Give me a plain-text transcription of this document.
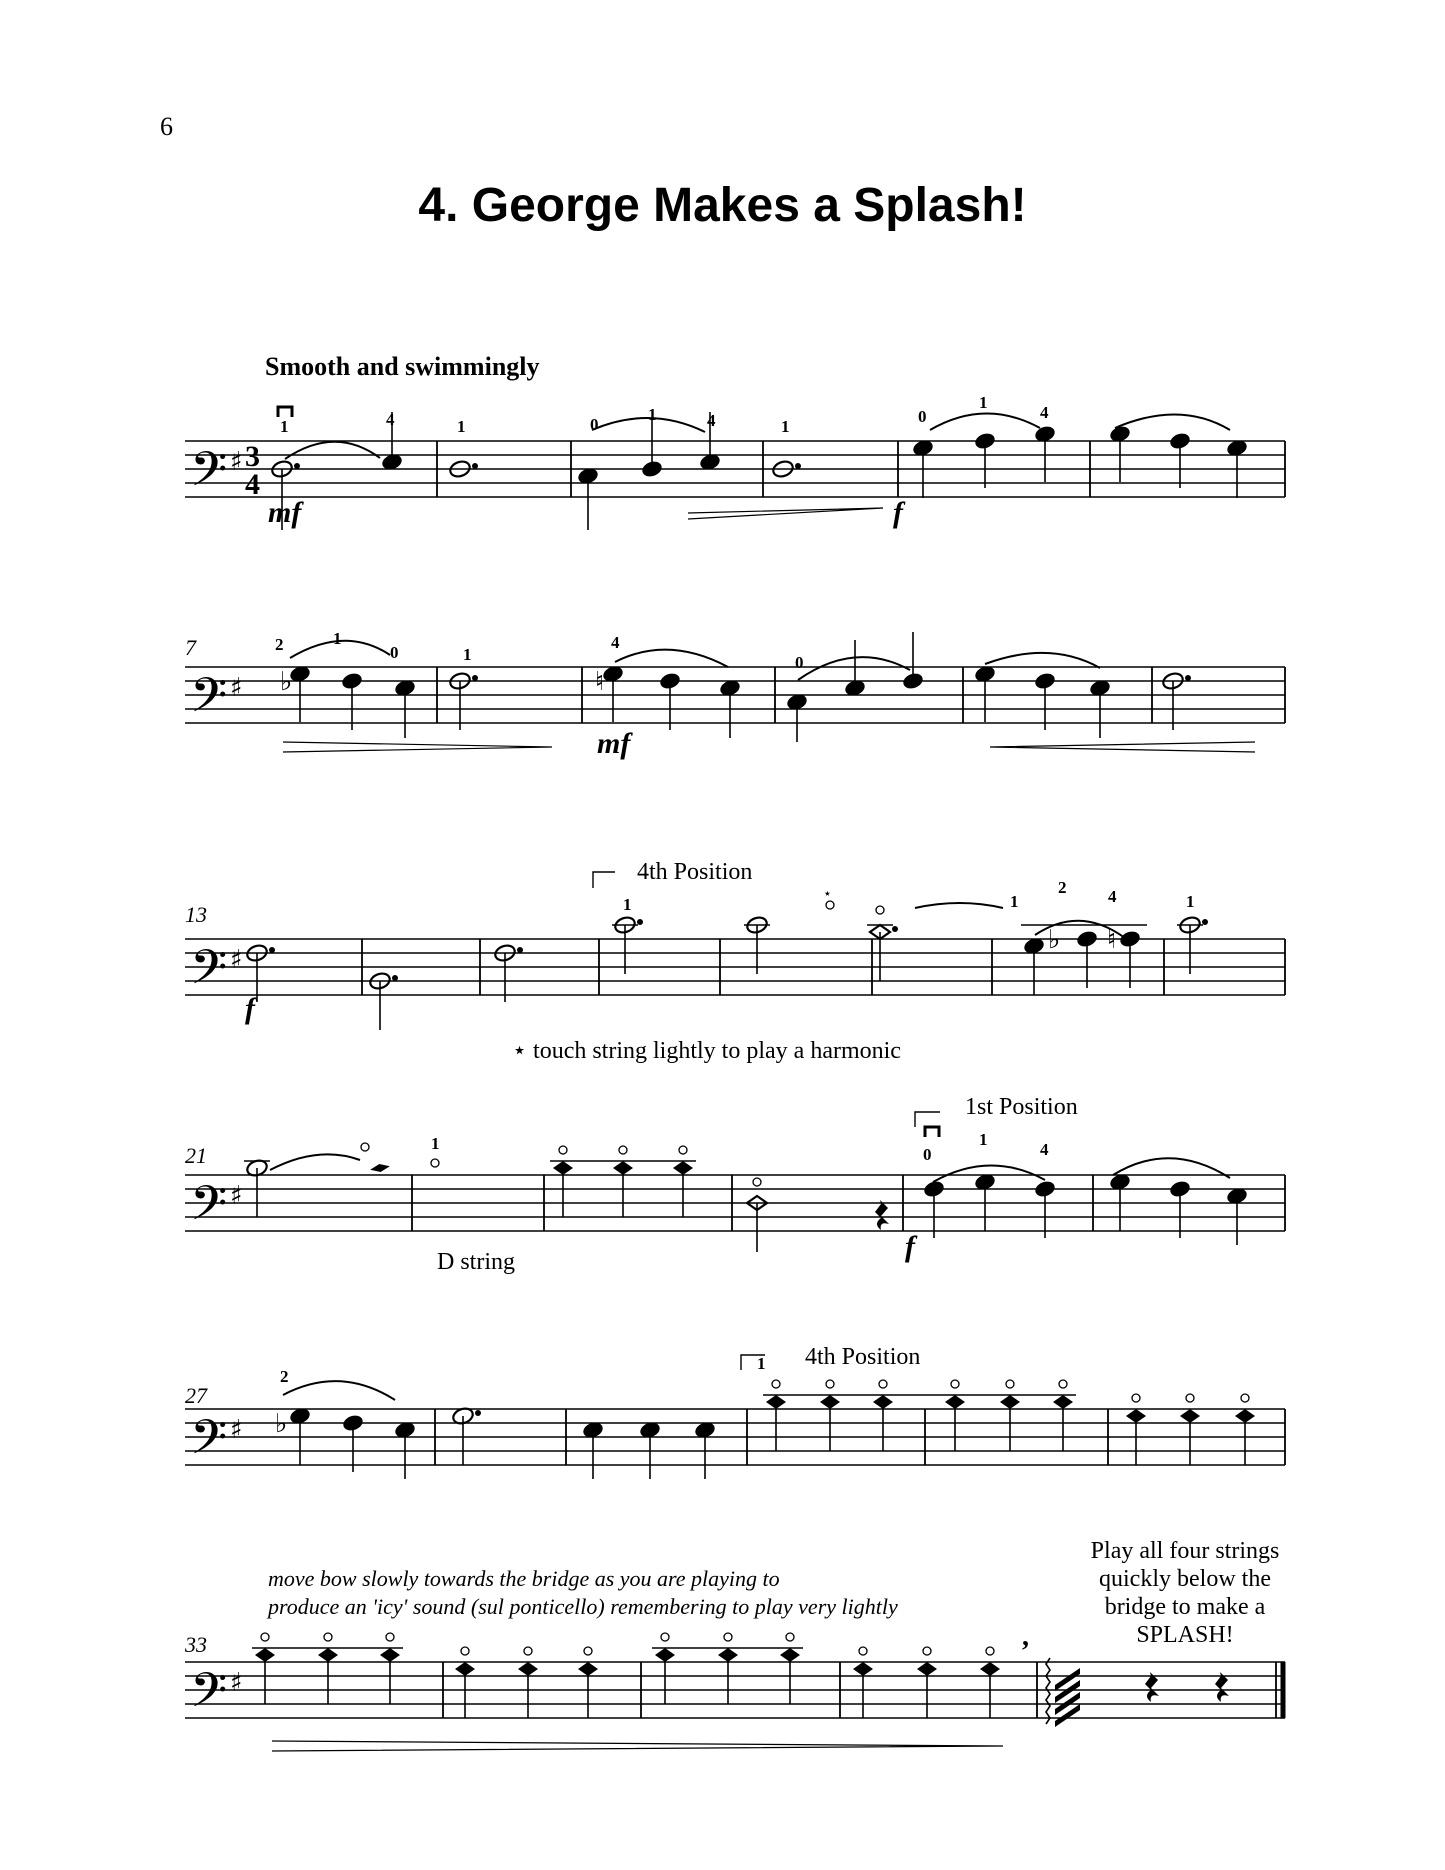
6
4. George Makes a Splash!
Smooth and swimmingly
7
13
21
27
33
4th Position
⋆ touch string lightly to play a harmonic
D string
1st Position
4th Position
move bow slowly towards the bridge as you are playing to
produce an 'icy' sound (sul ponticello) remembering to play very lightly
Play all four strings
quickly below the
bridge to make a
SPLASH!
𝄢
𝄢
𝄢
𝄢
𝄢
𝄢
♯
♯
♯
♯
♯
♯
3
4
♭	♮
♭ ♮
♭
,
⋆
1	4	1	0
1	4	1
0
1
4
2	1
0	1
4
0
1	1
2 4	1
1
0
1
4
2
1
mf	f
mf
f
f
